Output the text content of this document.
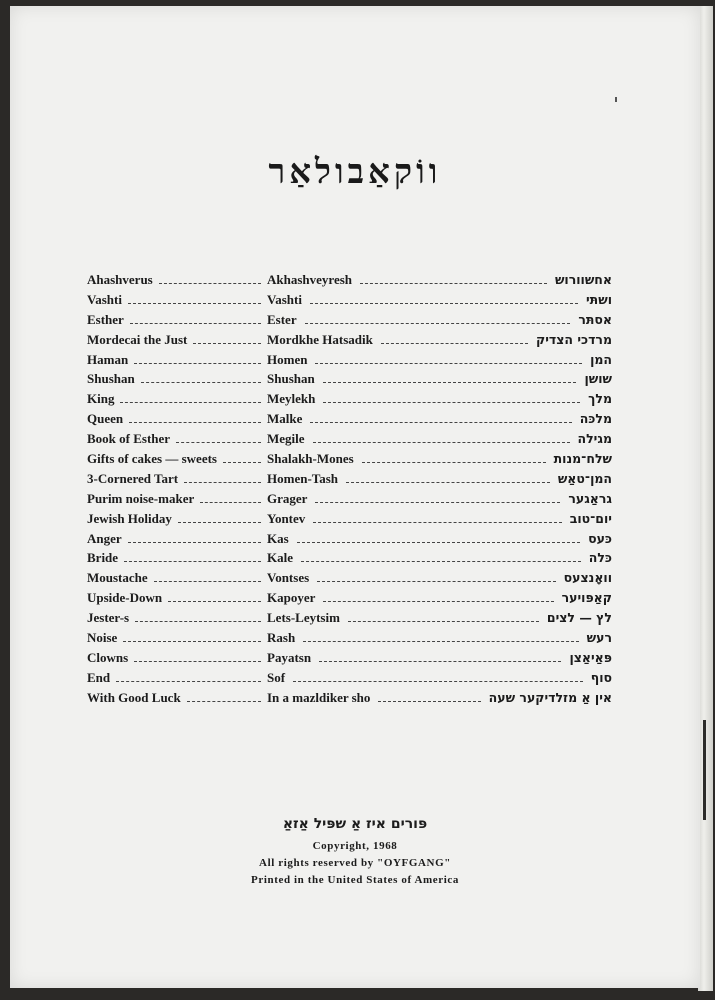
ווֹקאַבולאַר
Ahashverus	Akhashveyresh	אחשוורוש
Vashti	Vashti	ושתּי
Esther	Ester	אסתּר
Mordecai the Just	Mordkhe Hatsadik	מרדכי הצדיק
Haman	Homen	המן
Shushan	Shushan	שושן
King	Meylekh	מלך
Queen	Malke	מלכּה
Book of Esther	Megile	מגילה
Gifts of cakes — sweets	Shalakh-Mones	שלח־מנות
3-Cornered Tart	Homen-Tash	המן־טאַש
Purim noise-maker	Grager	גראַגער
Jewish Holiday	Yontev	יום־טוב
Anger	Kas	כּעס
Bride	Kale	כּלה
Moustache	Vontses	וואָנצעס
Upside-Down	Kapoyer	קאַפּויער
Jester-s	Lets-Leytsim	לץ — לצים
Noise	Rash	רעש
Clowns	Payatsn	פּאַיאַצן
End	Sof	סוף
With Good Luck	In a mazldiker sho	אין אַ מזלדיקער שעה
פּורים איז אַ שפּיל אַזאַ
Copyright, 1968
All rights reserved by "OYFGANG"
Printed in the United States of America
